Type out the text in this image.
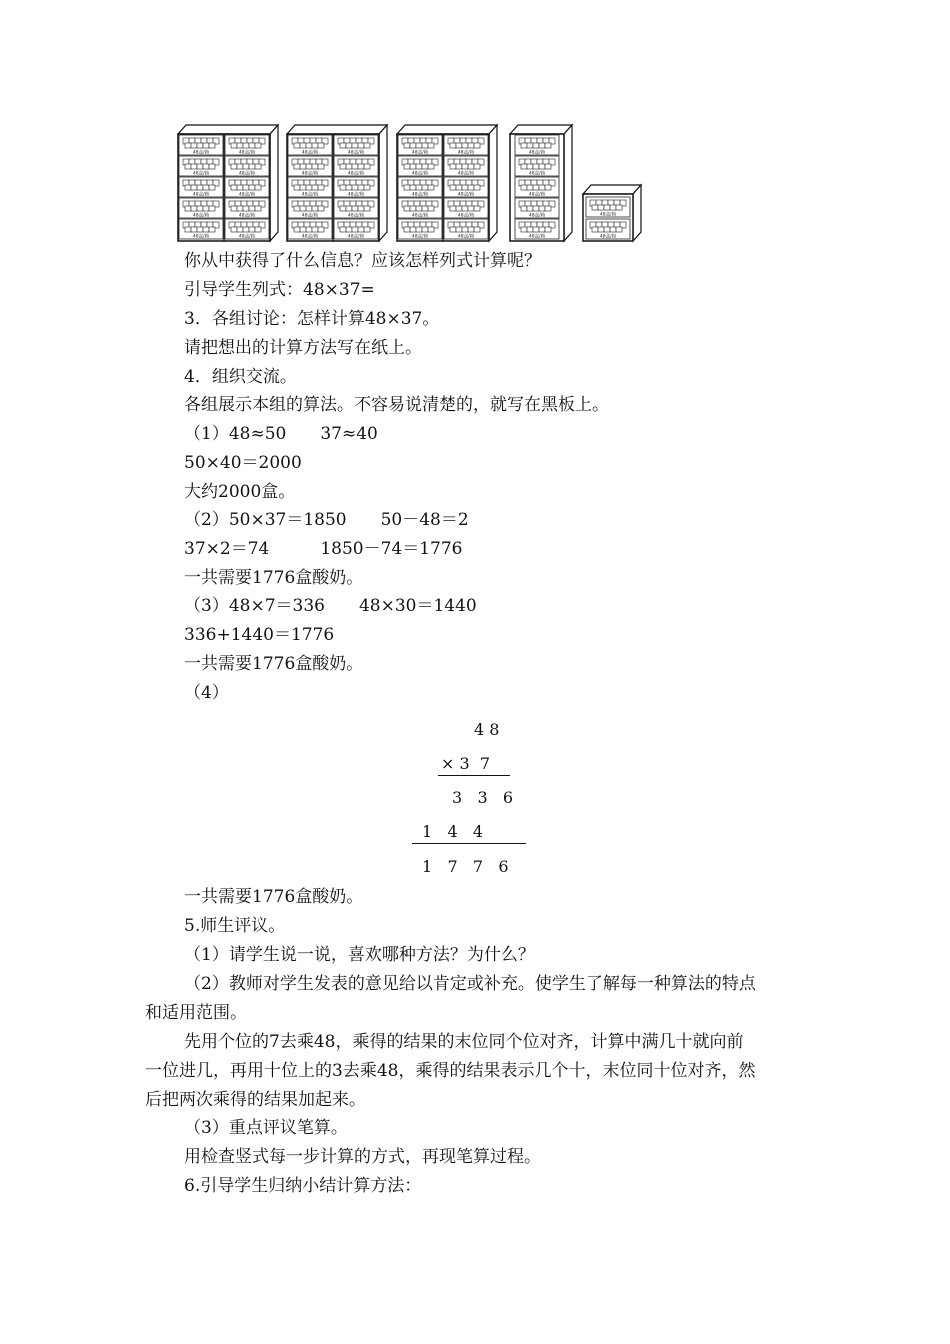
你从中获得了什么信息？应该怎样列式计算呢？
引导学生列式：48×37=
3．各组讨论：怎样计算48×37。
请把想出的计算方法写在纸上。
4．组织交流。
各组展示本组的算法。不容易说清楚的，就写在黑板上。
（1）48≈50　　37≈40
50×40＝2000
大约2000盒。
（2）50×37＝1850　　50－48＝2
37×2＝74　　　1850－74＝1776
一共需要1776盒酸奶。
（3）48×7＝336　　48×30＝1440
336+1440＝1776
一共需要1776盒酸奶。
（4）
4 8
× 3  7
3   3   6
1   4   4
1   7   7   6
一共需要1776盒酸奶。
5.师生评议。
（1）请学生说一说，喜欢哪种方法？为什么？
（2）教师对学生发表的意见给以肯定或补充。使学生了解每一种算法的特点
和适用范围。
先用个位的7去乘48，乘得的结果的末位同个位对齐，计算中满几十就向前
一位进几，再用十位上的3去乘48，乘得的结果表示几个十，末位同十位对齐，然
后把两次乘得的结果加起来。
（3）重点评议笔算。
用检查竖式每一步计算的方式，再现笔算过程。
6.引导学生归纳小结计算方法：
